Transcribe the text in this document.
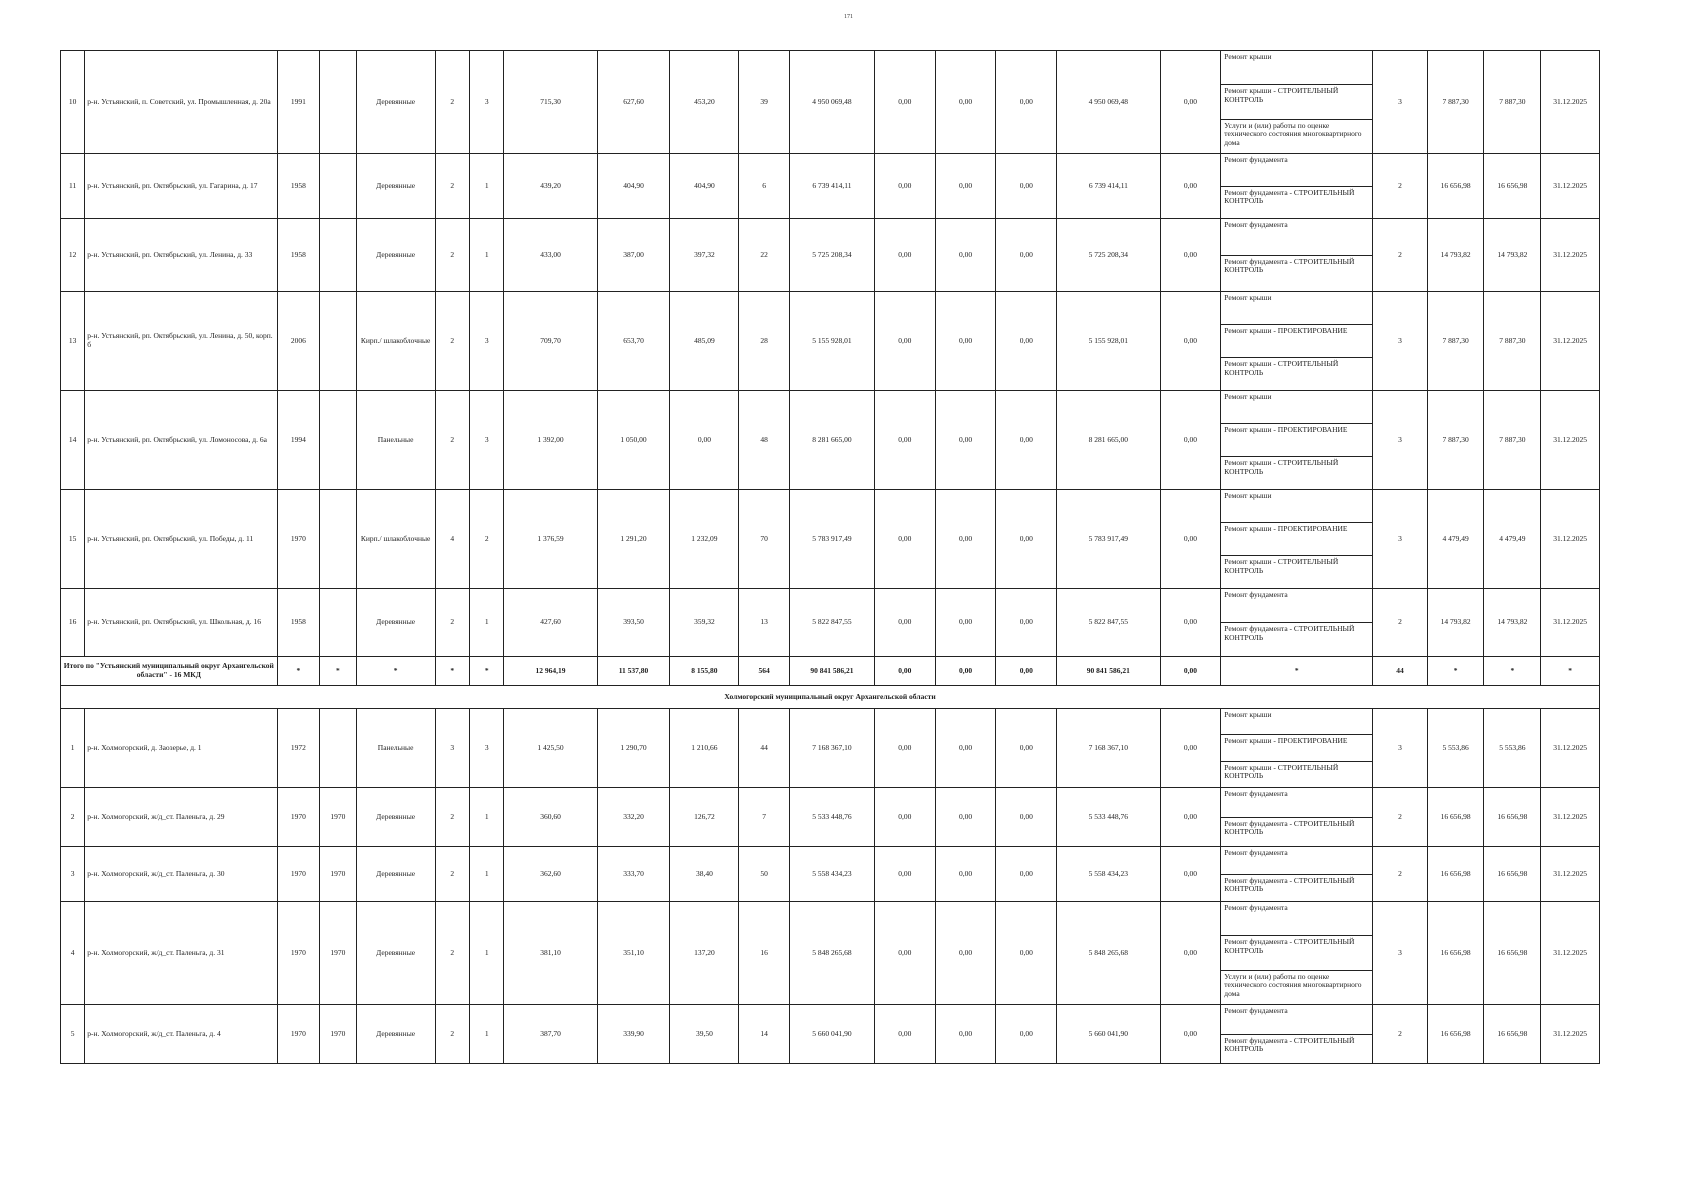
171
10	р-н. Устьянский, п. Советский, ул. Промышленная, д. 20а	1991		Деревянные	2	3	715,30	627,60	453,20	39	4 950 069,48	0,00	0,00	0,00	4 950 069,48	0,00	Ремонт крыши
Ремонт крыши - СТРОИТЕЛЬНЫЙ КОНТРОЛЬ
Услуги и (или) работы по оценке технического состояния многоквартирного дома	3	7 887,30	7 887,30	31.12.2025
11	р-н. Устьянский, рп. Октябрьский, ул. Гагарина, д. 17	1958		Деревянные	2	1	439,20	404,90	404,90	6	6 739 414,11	0,00	0,00	0,00	6 739 414,11	0,00	Ремонт фундамента
Ремонт фундамента - СТРОИТЕЛЬНЫЙ КОНТРОЛЬ	2	16 656,98	16 656,98	31.12.2025
12	р-н. Устьянский, рп. Октябрьский, ул. Ленина, д. 33	1958		Деревянные	2	1	433,00	387,00	397,32	22	5 725 208,34	0,00	0,00	0,00	5 725 208,34	0,00	Ремонт фундамента
Ремонт фундамента - СТРОИТЕЛЬНЫЙ КОНТРОЛЬ	2	14 793,82	14 793,82	31.12.2025
13	р-н. Устьянский, рп. Октябрьский, ул. Ленина, д. 50, корп. б	2006		Кирп./ шлакоблочные	2	3	709,70	653,70	485,09	28	5 155 928,01	0,00	0,00	0,00	5 155 928,01	0,00	Ремонт крыши
Ремонт крыши - ПРОЕКТИРОВАНИЕ
Ремонт крыши - СТРОИТЕЛЬНЫЙ КОНТРОЛЬ	3	7 887,30	7 887,30	31.12.2025
14	р-н. Устьянский, рп. Октябрьский, ул. Ломоносова, д. 6а	1994		Панельные	2	3	1 392,00	1 050,00	0,00	48	8 281 665,00	0,00	0,00	0,00	8 281 665,00	0,00	Ремонт крыши
Ремонт крыши - ПРОЕКТИРОВАНИЕ
Ремонт крыши - СТРОИТЕЛЬНЫЙ КОНТРОЛЬ	3	7 887,30	7 887,30	31.12.2025
15	р-н. Устьянский, рп. Октябрьский, ул. Победы, д. 11	1970		Кирп./ шлакоблочные	4	2	1 376,59	1 291,20	1 232,09	70	5 783 917,49	0,00	0,00	0,00	5 783 917,49	0,00	Ремонт крыши
Ремонт крыши - ПРОЕКТИРОВАНИЕ
Ремонт крыши - СТРОИТЕЛЬНЫЙ КОНТРОЛЬ	3	4 479,49	4 479,49	31.12.2025
16	р-н. Устьянский, рп. Октябрьский, ул. Школьная, д. 16	1958		Деревянные	2	1	427,60	393,50	359,32	13	5 822 847,55	0,00	0,00	0,00	5 822 847,55	0,00	Ремонт фундамента
Ремонт фундамента - СТРОИТЕЛЬНЫЙ КОНТРОЛЬ	2	14 793,82	14 793,82	31.12.2025
Итого по "Устьянский муниципальный округ Архангельской области" - 16 МКД		*	*	*	*	*	12 964,19	11 537,80	8 155,80	564	90 841 586,21	0,00	0,00	0,00	90 841 586,21	0,00	*	44	*	*	*
Холмогорский муниципальный округ Архангельской области																					
1	р-н. Холмогорский, д. Заозерье, д. 1	1972		Панельные	3	3	1 425,50	1 290,70	1 210,66	44	7 168 367,10	0,00	0,00	0,00	7 168 367,10	0,00	Ремонт крыши
Ремонт крыши - ПРОЕКТИРОВАНИЕ
Ремонт крыши - СТРОИТЕЛЬНЫЙ КОНТРОЛЬ	3	5 553,86	5 553,86	31.12.2025
2	р-н. Холмогорский, ж/д_ст. Паленьга, д. 29	1970	1970	Деревянные	2	1	360,60	332,20	126,72	7	5 533 448,76	0,00	0,00	0,00	5 533 448,76	0,00	Ремонт фундамента
Ремонт фундамента - СТРОИТЕЛЬНЫЙ КОНТРОЛЬ	2	16 656,98	16 656,98	31.12.2025
3	р-н. Холмогорский, ж/д_ст. Паленьга, д. 30	1970	1970	Деревянные	2	1	362,60	333,70	38,40	50	5 558 434,23	0,00	0,00	0,00	5 558 434,23	0,00	Ремонт фундамента
Ремонт фундамента - СТРОИТЕЛЬНЫЙ КОНТРОЛЬ	2	16 656,98	16 656,98	31.12.2025
4	р-н. Холмогорский, ж/д_ст. Паленьга, д. 31	1970	1970	Деревянные	2	1	381,10	351,10	137,20	16	5 848 265,68	0,00	0,00	0,00	5 848 265,68	0,00	Ремонт фундамента
Ремонт фундамента - СТРОИТЕЛЬНЫЙ КОНТРОЛЬ
Услуги и (или) работы по оценке технического состояния многоквартирного дома	3	16 656,98	16 656,98	31.12.2025
5	р-н. Холмогорский, ж/д_ст. Паленьга, д. 4	1970	1970	Деревянные	2	1	387,70	339,90	39,50	14	5 660 041,90	0,00	0,00	0,00	5 660 041,90	0,00	Ремонт фундамента
Ремонт фундамента - СТРОИТЕЛЬНЫЙ КОНТРОЛЬ	2	16 656,98	16 656,98	31.12.2025
